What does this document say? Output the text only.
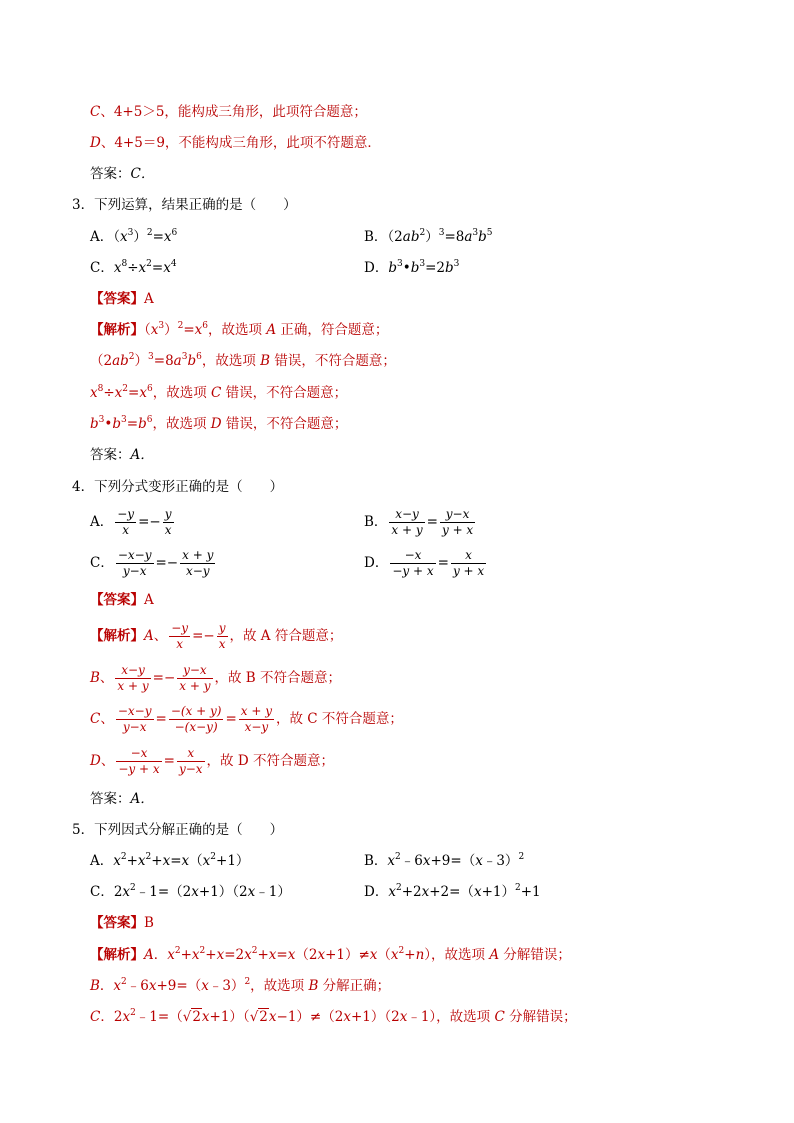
C、4+5＞5，能构成三角形，此项符合题意；
D、4+5＝9，不能构成三角形，此项不符题意．
答案：C．
3．下列运算，结果正确的是（　　）
A．$(x^3)^2=x^6$	B．$(2ab^2)^3=8a^3b^5$
C．$x^8\div x^2=x^4$	D．$b^3•b^3=2b^3$
【答案】A
【解析】$(x^3)^2=x^6$，故选项 A 正确，符合题意；
$(2ab^2)^3=8a^3b^6$，故选项 B 错误，不符合题意；
$x^8\div x^2=x^6$，故选项 C 错误，不符合题意；
$b^3•b^3=b^6$，故选项 D 错误，不符合题意；
答案：A．
4．下列分式变形正确的是（　　）
A． $\frac{-y}{x} =- \frac{y}{x}$	B． $\frac{x-y}{x + y} = \frac{y-x}{y + x}$
C． $\frac{-x-y}{y-x} =- \frac{x + y}{x-y}$	D． $\frac{-x}{-y + x} = \frac{x}{y + x}$
【答案】A
【解析】A、 $\frac{-y}{x} =- \frac{y}{x}$ ，故 A 符合题意；
B、 $\frac{x-y}{x + y} =- \frac{y-x}{x + y}$ ，故 B 不符合题意；
C、 $\frac{-x-y}{y-x} = \frac{-(x + y)}{-(x-y)} = \frac{x + y}{x-y}$ ，故 C 不符合题意；
D、 $\frac{-x}{-y + x} = \frac{x}{y-x}$ ，故 D 不符合题意；
答案：A．
5．下列因式分解正确的是（　　）
A．$x^2+x^2+x=x(x^2+1)$	B．$x^2﹣6x+9=(x﹣3)^2$
C．$2x^2﹣1=(2x+1)(2x﹣1)$	D．$x^2+2x+2=(x+1)^2+1$
【答案】B
【解析】A．$x^2+x^2+x=2x^2+x=x(2x+1)\ne x(x^2+n)$，故选项 A 分解错误；
B．$x^2﹣6x+9=(x﹣3)^2$，故选项 B 分解正确；
C．$2x^2﹣1=(√2x+1)(√2x-1)\ne(2x+1)(2x﹣1)$，故选项 C 分解错误；
